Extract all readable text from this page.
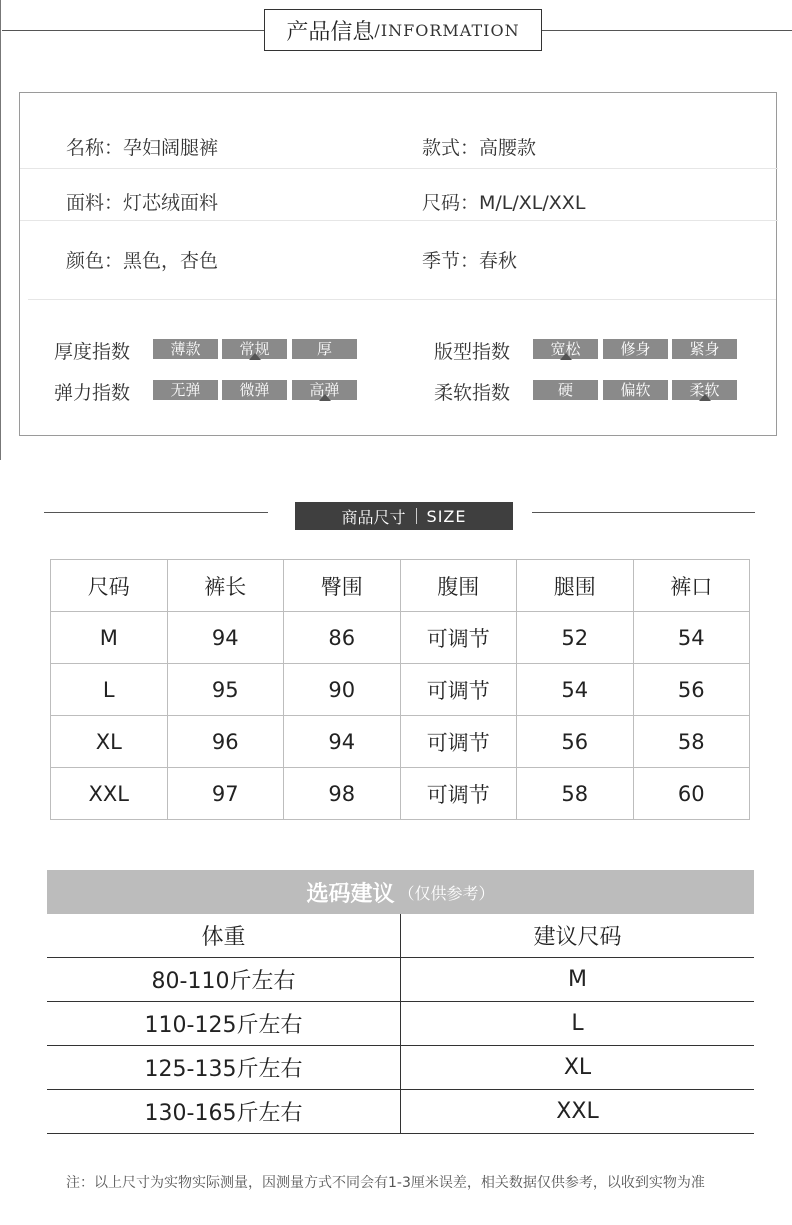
产品信息 /INFORMATION
名称：孕妇阔腿裤	款式：高腰款
面料：灯芯绒面料	尺码：M/L/XL/XXL
颜色：黑色，杏色	季节：春秋
厚度指数	薄款	常规	厚	版型指数	宽松	修身	紧身
弹力指数	无弹	微弹	高弹	柔软指数	硬	偏软	柔软
商品尺寸 SIZE
尺码	裤长	臀围	腹围	腿围	裤口
M	94	86	可调节	52	54
L	95	90	可调节	54	56
XL	96	94	可调节	56	58
XXL	97	98	可调节	58	60
选码建议 （仅供参考）
体重	建议尺码
80-110斤左右	M
110-125斤左右	L
125-135斤左右	XL
130-165斤左右	XXL
注：以上尺寸为实物实际测量，因测量方式不同会有1-3厘米误差，相关数据仅供参考，以收到实物为准
